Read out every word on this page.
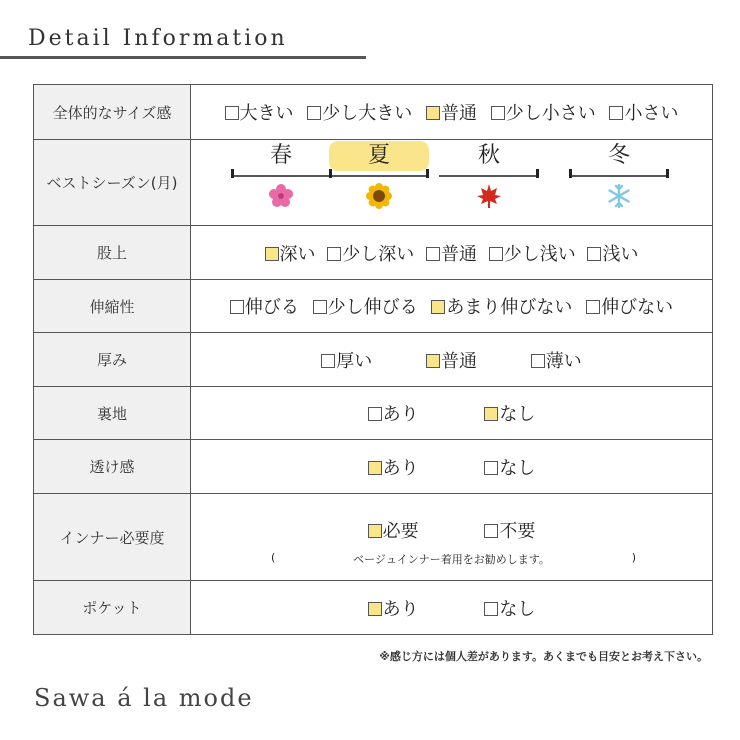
Detail Information
全体的なサイズ感	大きい 少し大きい 普通 少し小さい 小さい
ベストシーズン(月)	春 夏 秋 冬

股上	深い 少し深い 普通 少し浅い 浅い
伸縮性	伸びる 少し伸びる あまり伸びない 伸びない
厚み	厚い 普通 薄い
裏地	あり なし
透け感	あり なし
インナー必要度	必要 不要
( ベージュインナー着用をお勧めします。 )

ポケット	あり なし
※感じ方には個人差があります。あくまでも目安とお考え下さい。
Sawa á la mode
